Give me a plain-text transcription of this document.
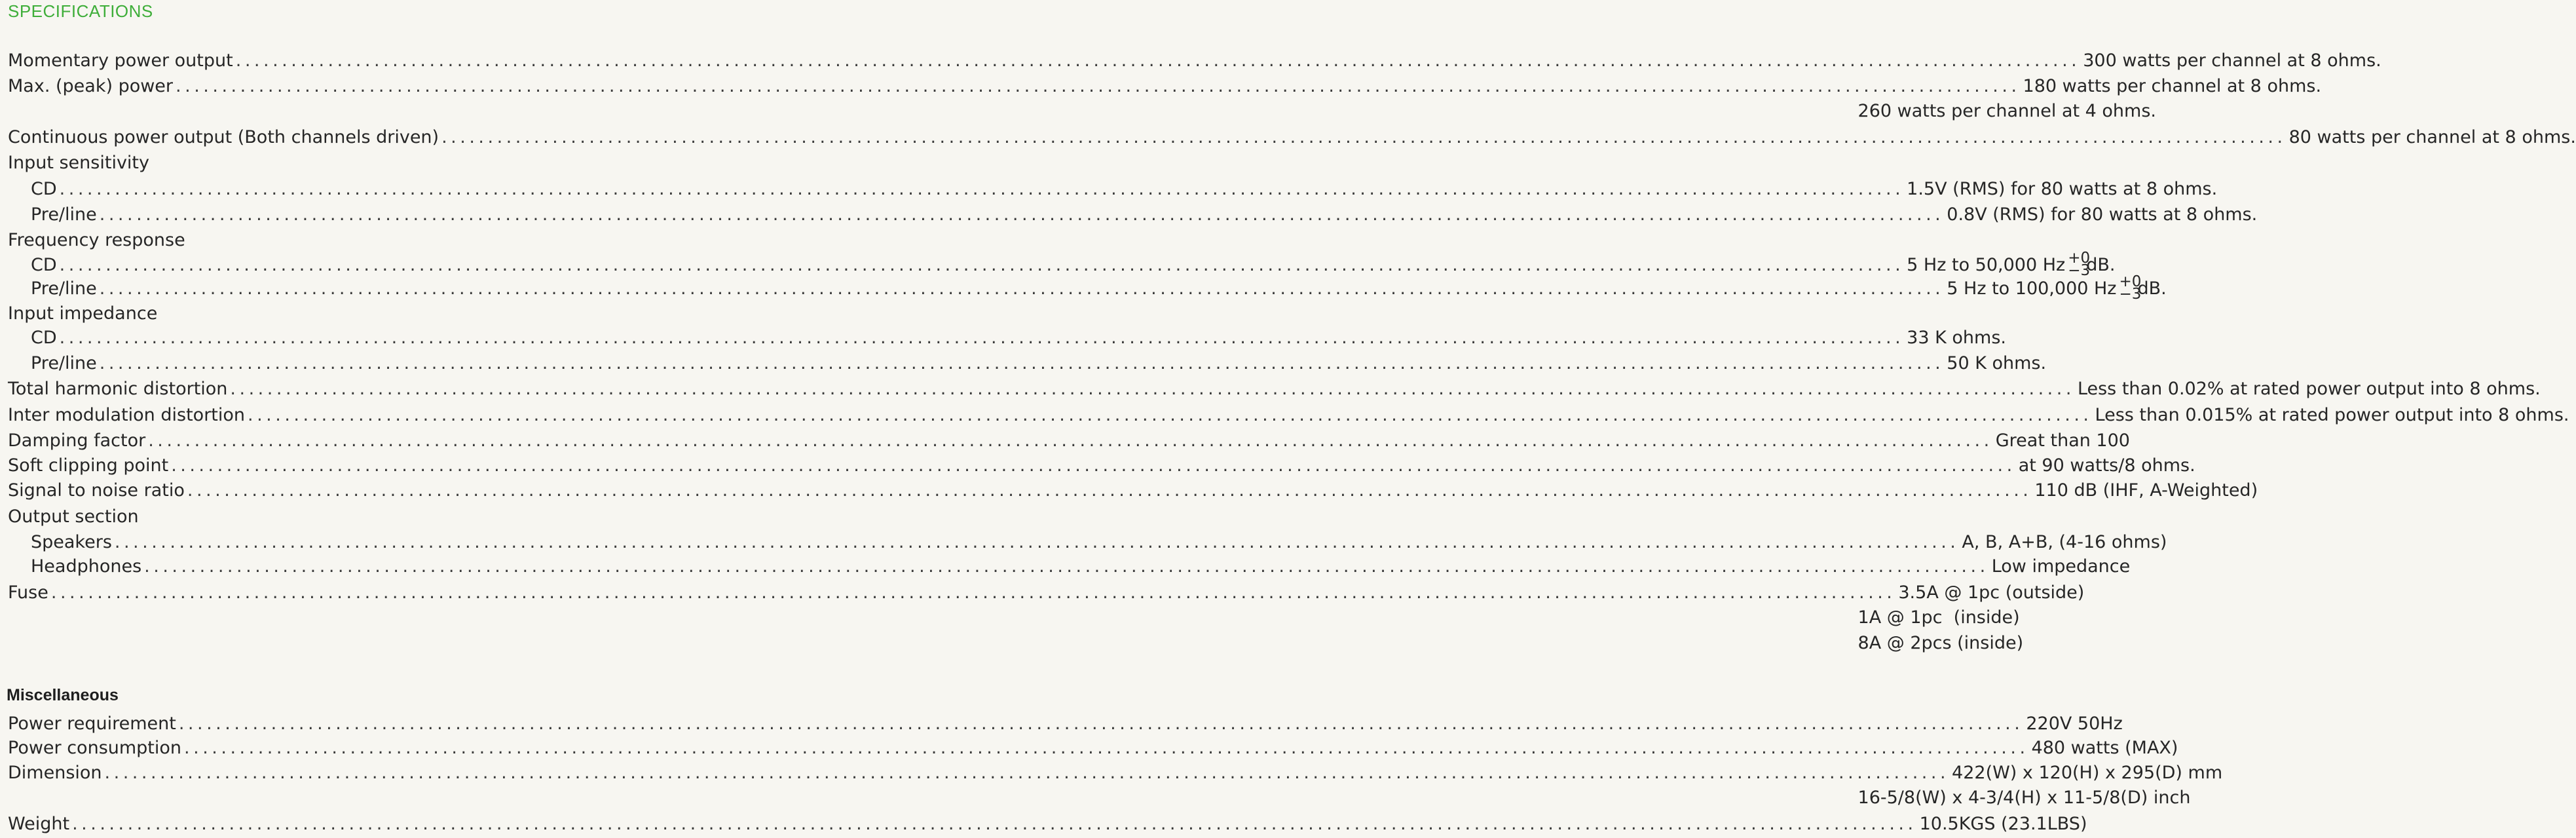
SPECIFICATIONS
Momentary power output ........................................................................................................................................................................................................ 300 watts per channel at 8 ohms.
Max. (peak) power ........................................................................................................................................................................................................ 180 watts per channel at 8 ohms.
260 watts per channel at 4 ohms.
Continuous power output (Both channels driven) ........................................................................................................................................................................................................ 80 watts per channel at 8 ohms.
Input sensitivity
CD ........................................................................................................................................................................................................ 1.5V (RMS) for 80 watts at 8 ohms.
Pre/line ........................................................................................................................................................................................................ 0.8V (RMS) for 80 watts at 8 ohms.
Frequency response
CD ........................................................................................................................................................................................................ 5 Hz to 50,000 Hz +0
−3
dB.
Pre/line ........................................................................................................................................................................................................ 5 Hz to 100,000 Hz +0
−3
dB.
Input impedance
CD ........................................................................................................................................................................................................ 33 K ohms.
Pre/line ........................................................................................................................................................................................................ 50 K ohms.
Total harmonic distortion ........................................................................................................................................................................................................ Less than 0.02% at rated power output into 8 ohms.
Inter modulation distortion ........................................................................................................................................................................................................ Less than 0.015% at rated power output into 8 ohms.
Damping factor ........................................................................................................................................................................................................ Great than 100
Soft clipping point ........................................................................................................................................................................................................ at 90 watts/8 ohms.
Signal to noise ratio ........................................................................................................................................................................................................ 110 dB (IHF, A-Weighted)
Output section
Speakers ........................................................................................................................................................................................................ A, B, A+B, (4-16 ohms)
Headphones ........................................................................................................................................................................................................ Low impedance
Fuse ........................................................................................................................................................................................................ 3.5A @ 1pc (outside)
1A @ 1pc  (inside)
8A @ 2pcs (inside)
Miscellaneous
Power requirement ........................................................................................................................................................................................................ 220V 50Hz
Power consumption ........................................................................................................................................................................................................ 480 watts (MAX)
Dimension ........................................................................................................................................................................................................ 422(W) x 120(H) x 295(D) mm
16-5/8(W) x 4-3/4(H) x 11-5/8(D) inch
Weight ........................................................................................................................................................................................................ 10.5KGS (23.1LBS)
